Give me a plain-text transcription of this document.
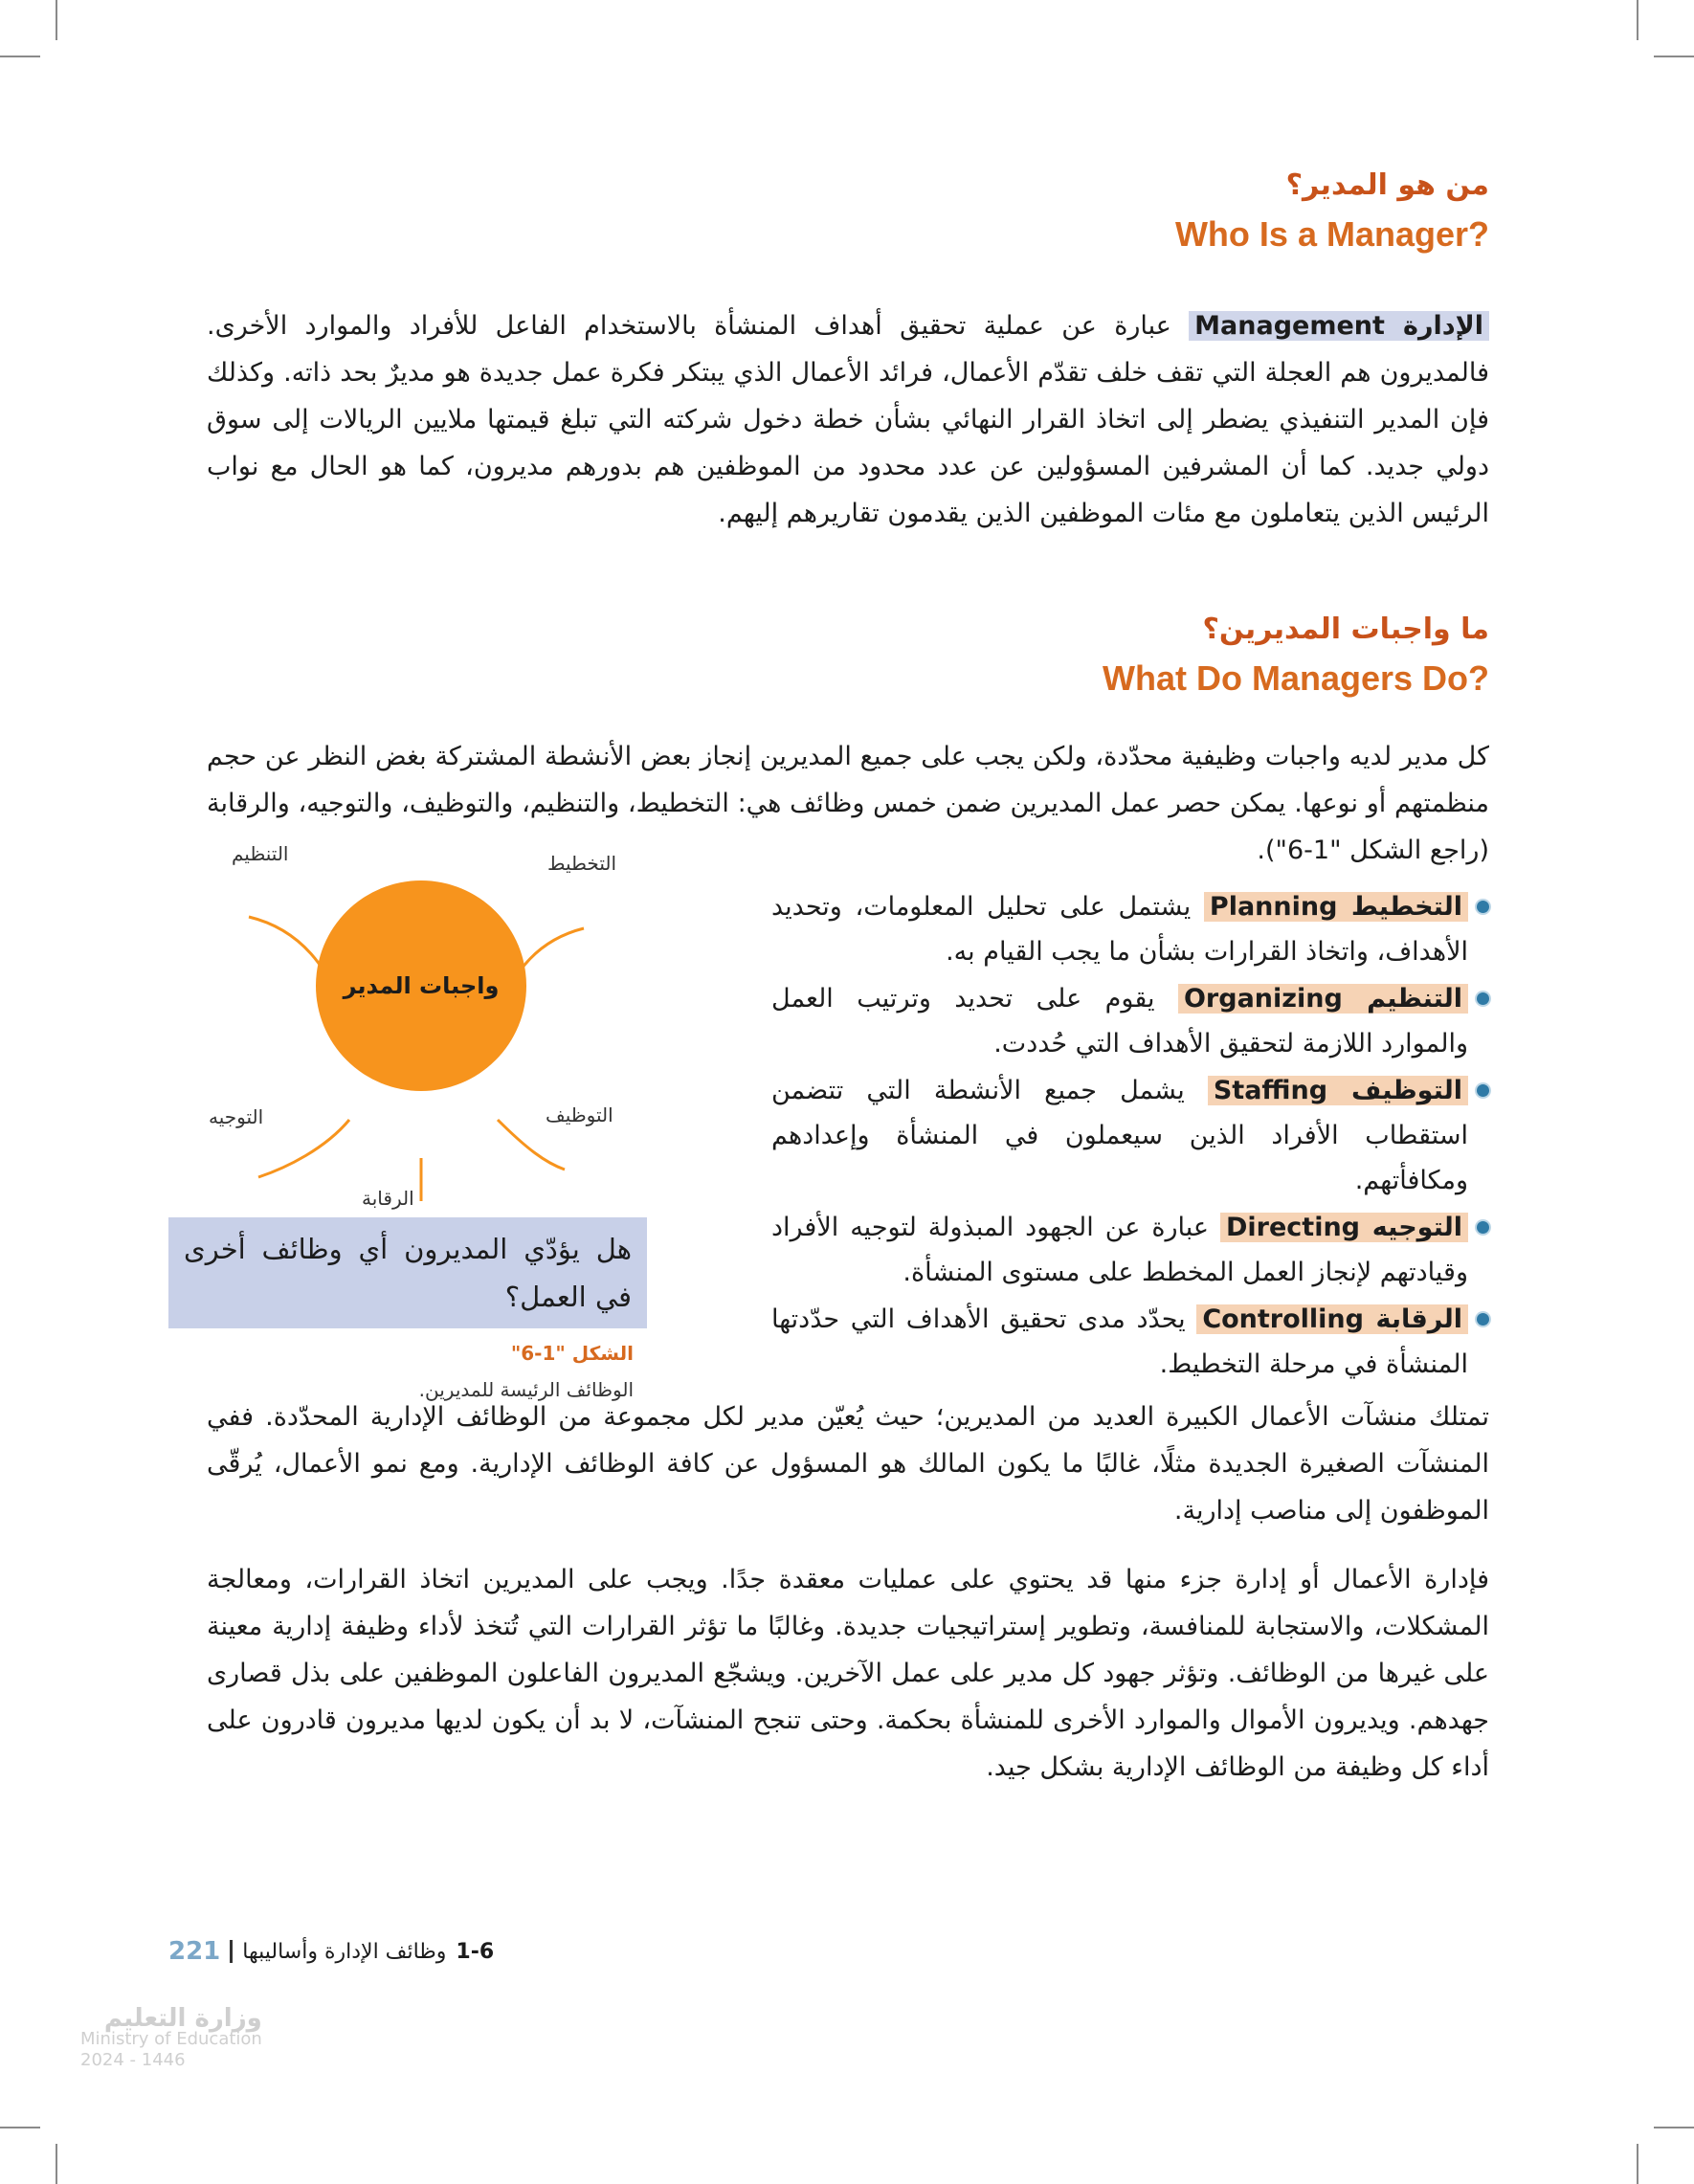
من هو المدير؟
Who Is a Manager?

الإدارة Management عبارة عن عملية تحقيق أهداف المنشأة بالاستخدام الفاعل للأفراد والموارد الأخرى. فالمديرون هم العجلة التي تقف خلف تقدّم الأعمال، فرائد الأعمال الذي يبتكر فكرة عمل جديدة هو مديرٌ بحد ذاته. وكذلك فإن المدير التنفيذي يضطر إلى اتخاذ القرار النهائي بشأن خطة دخول شركته التي تبلغ قيمتها ملايين الريالات إلى سوق دولي جديد. كما أن المشرفين المسؤولين عن عدد محدود من الموظفين هم بدورهم مديرون، كما هو الحال مع نواب الرئيس الذين يتعاملون مع مئات الموظفين الذين يقدمون تقاريرهم إليهم.

ما واجبات المديرين؟
What Do Managers Do?

كل مدير لديه واجبات وظيفية محدّدة، ولكن يجب على جميع المديرين إنجاز بعض الأنشطة المشتركة بغض النظر عن حجم منظمتهم أو نوعها. يمكن حصر عمل المديرين ضمن خمس وظائف هي: التخطيط، والتنظيم، والتوظيف، والتوجيه، والرقابة (راجع الشكل "1-6").

واجبات المدير
التنظيم	التخطيط
التوجيه	التوظيف
الرقابة
التخطيط Planning يشتمل على تحليل المعلومات، وتحديد الأهداف، واتخاذ القرارات بشأن ما يجب القيام به.
التنظيم Organizing يقوم على تحديد وترتيب العمل والموارد اللازمة لتحقيق الأهداف التي حُددت.
التوظيف Staffing يشمل جميع الأنشطة التي تتضمن استقطاب الأفراد الذين سيعملون في المنشأة وإعدادهم ومكافأتهم.
التوجيه Directing عبارة عن الجهود المبذولة لتوجيه الأفراد وقيادتهم لإنجاز العمل المخطط على مستوى المنشأة.
الرقابة Controlling يحدّد مدى تحقيق الأهداف التي حدّدتها المنشأة في مرحلة التخطيط.
هل يؤدّي المديرون أي وظائف أخرى في العمل؟
الشكل "1-6"
الوظائف الرئيسة للمديرين.

تمتلك منشآت الأعمال الكبيرة العديد من المديرين؛ حيث يُعيّن مدير لكل مجموعة من الوظائف الإدارية المحدّدة. ففي المنشآت الصغيرة الجديدة مثلًا، غالبًا ما يكون المالك هو المسؤول عن كافة الوظائف الإدارية. ومع نمو الأعمال، يُرقّى الموظفون إلى مناصب إدارية.

فإدارة الأعمال أو إدارة جزء منها قد يحتوي على عمليات معقدة جدًا. ويجب على المديرين اتخاذ القرارات، ومعالجة المشكلات، والاستجابة للمنافسة، وتطوير إستراتيجيات جديدة. وغالبًا ما تؤثر القرارات التي تُتخذ لأداء وظيفة إدارية معينة على غيرها من الوظائف. وتؤثر جهود كل مدير على عمل الآخرين. ويشجّع المديرون الفاعلون الموظفين على بذل قصارى جهدهم. ويديرون الأموال والموارد الأخرى للمنشأة بحكمة. وحتى تنجح المنشآت، لا بد أن يكون لديها مديرون قادرون على أداء كل وظيفة من الوظائف الإدارية بشكل جيد.

221 وظائف الإدارة وأساليبها 1-6
وزارة التعليم
Ministry of Education
2024 - 1446
